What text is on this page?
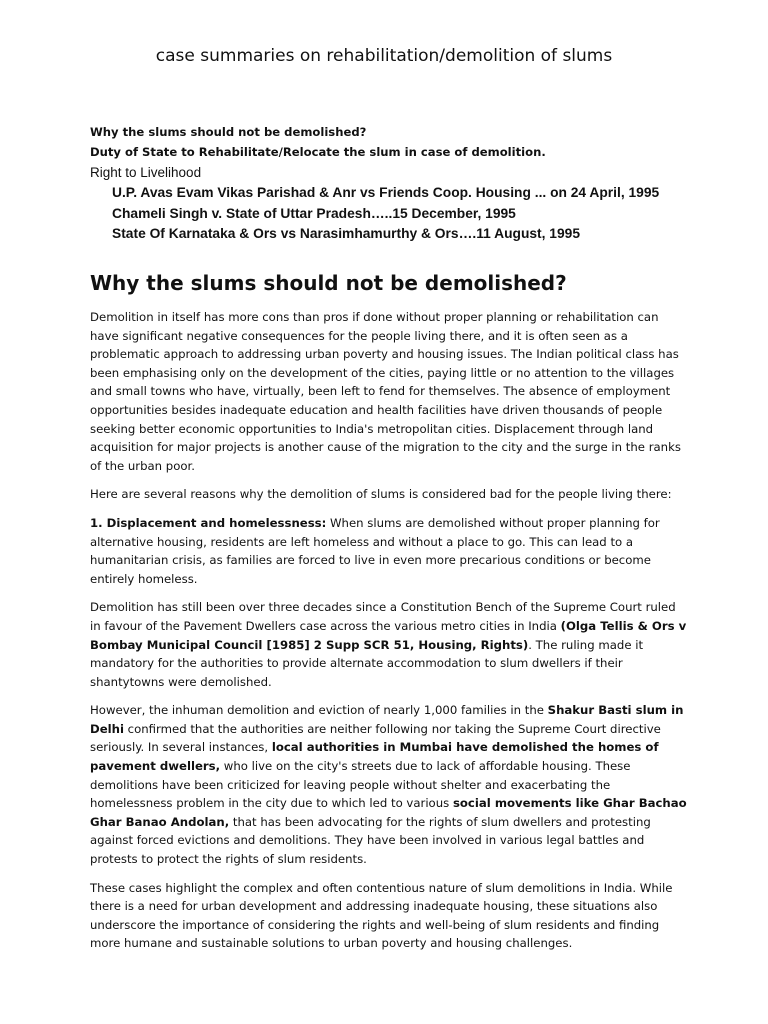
case summaries on rehabilitation/demolition of slums
Why the slums should not be demolished?
Duty of State to Rehabilitate/Relocate the slum in case of demolition.
Right to Livelihood
U.P. Avas Evam Vikas Parishad & Anr vs Friends Coop. Housing ... on 24 April, 1995
Chameli Singh v. State of Uttar Pradesh…..15 December, 1995
State Of Karnataka & Ors vs Narasimhamurthy & Ors….11 August, 1995
Why the slums should not be demolished?

Demolition in itself has more cons than pros if done without proper planning or rehabilitation can have significant negative consequences for the people living there, and it is often seen as a problematic approach to addressing urban poverty and housing issues. The Indian political class has been emphasising only on the development of the cities, paying little or no attention to the villages and small towns who have, virtually, been left to fend for themselves. The absence of employment opportunities besides inadequate education and health facilities have driven thousands of people seeking better economic opportunities to India's metropolitan cities. Displacement through land acquisition for major projects is another cause of the migration to the city and the surge in the ranks of the urban poor.

Here are several reasons why the demolition of slums is considered bad for the people living there:

1. Displacement and homelessness: When slums are demolished without proper planning for alternative housing, residents are left homeless and without a place to go. This can lead to a humanitarian crisis, as families are forced to live in even more precarious conditions or become entirely homeless.

Demolition has still been over three decades since a Constitution Bench of the Supreme Court ruled in favour of the Pavement Dwellers case across the various metro cities in India (Olga Tellis & Ors v Bombay Municipal Council [1985] 2 Supp SCR 51, Housing, Rights). The ruling made it mandatory for the authorities to provide alternate accommodation to slum dwellers if their shantytowns were demolished.

However, the inhuman demolition and eviction of nearly 1,000 families in the Shakur Basti slum in Delhi confirmed that the authorities are neither following nor taking the Supreme Court directive seriously. In several instances, local authorities in Mumbai have demolished the homes of pavement dwellers, who live on the city's streets due to lack of affordable housing. These demolitions have been criticized for leaving people without shelter and exacerbating the homelessness problem in the city due to which led to various social movements like Ghar Bachao Ghar Banao Andolan, that has been advocating for the rights of slum dwellers and protesting against forced evictions and demolitions. They have been involved in various legal battles and protests to protect the rights of slum residents.

These cases highlight the complex and often contentious nature of slum demolitions in India. While there is a need for urban development and addressing inadequate housing, these situations also underscore the importance of considering the rights and well-being of slum residents and finding more humane and sustainable solutions to urban poverty and housing challenges.
